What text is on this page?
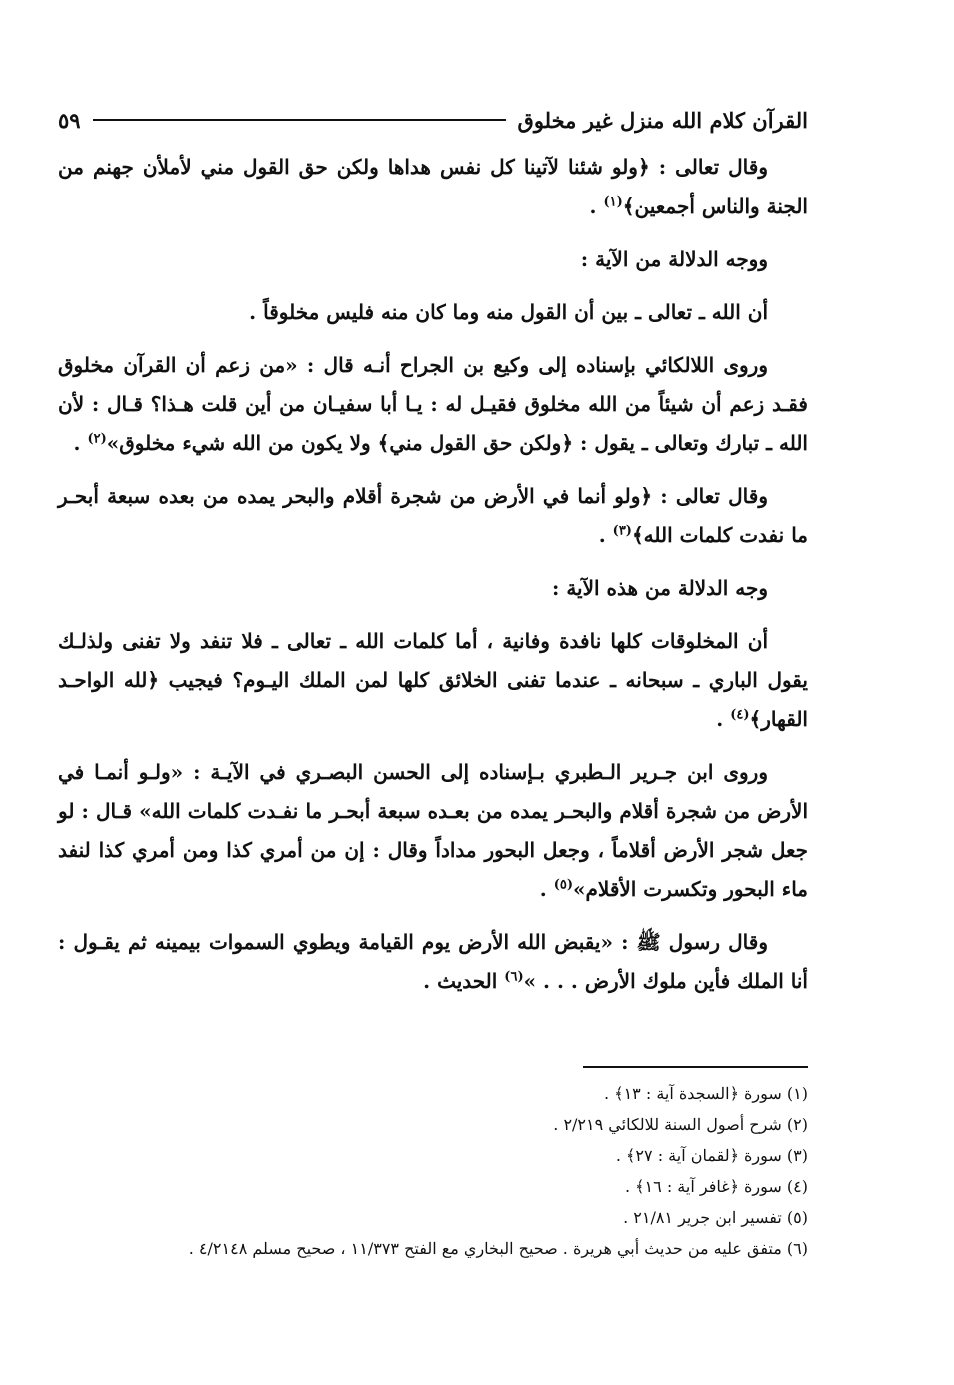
القرآن كلام الله منزل غير مخلوق
٥٩

وقال تعالى : ﴿ولو شئنا لآتينا كل نفس هداها ولكن حق القول مني لأملأن جهنم من الجنة والناس أجمعين﴾$^{(١)}$ .

ووجه الدلالة من الآية :

أن الله ـ تعالى ـ بين أن القول منه وما كان منه فليس مخلوقاً .

وروى اللالكائي بإسناده إلى وكيع بن الجراح أنـه قال : «من زعم أن القرآن مخلوق فقـد زعم أن شيئاً من الله مخلوق فقيـل له : يـا أبا سفيـان من أين قلت هـذا؟ قـال : لأن الله ـ تبارك وتعالى ـ يقول : ﴿ولكن حق القول مني﴾ ولا يكون من الله شيء مخلوق»$^{(٢)}$ .

وقال تعالى : ﴿ولو أنما في الأرض من شجرة أقلام والبحر يمده من بعده سبعة أبحـر ما نفدت كلمات الله﴾$^{(٣)}$ .

وجه الدلالة من هذه الآية :

أن المخلوقات كلها نافدة وفانية ، أما كلمات الله ـ تعالى ـ فلا تنفد ولا تفنى ولذلـك يقول الباري ـ سبحانه ـ عندما تفنى الخلائق كلها لمن الملك اليـوم؟ فيجيب ﴿لله الواحـد القهار﴾$^{(٤)}$ .

وروى ابن جـرير الـطبري بـإسناده إلى الحسن البصـري في الآيـة : «ولـو أنمـا في الأرض من شجرة أقلام والبحـر يمده من بعـده سبعة أبحـر ما نفـدت كلمات الله» قـال : لو جعل شجر الأرض أقلاماً ، وجعل البحور مداداً وقال : إن من أمري كذا ومن أمري كذا لنفد ماء البحور وتكسرت الأقلام»$^{(٥)}$ .

وقال رسول ﷺ : «يقبض الله الأرض يوم القيامة ويطوي السموات بيمينه ثم يقـول : أنا الملك فأين ملوك الأرض . . . »$^{(٦)}$ الحديث .

(١) سورة ﴿السجدة آية : ١٣﴾ .
(٢) شرح أصول السنة للالكائي ٢/٢١٩ .
(٣) سورة ﴿لقمان آية : ٢٧﴾ .
(٤) سورة ﴿غافر آية : ١٦﴾ .
(٥) تفسير ابن جرير ٢١/٨١ .
(٦) متفق عليه من حديث أبي هريرة . صحيح البخاري مع الفتح ١١/٣٧٣ ، صحيح مسلم ٤/٢١٤٨ .
